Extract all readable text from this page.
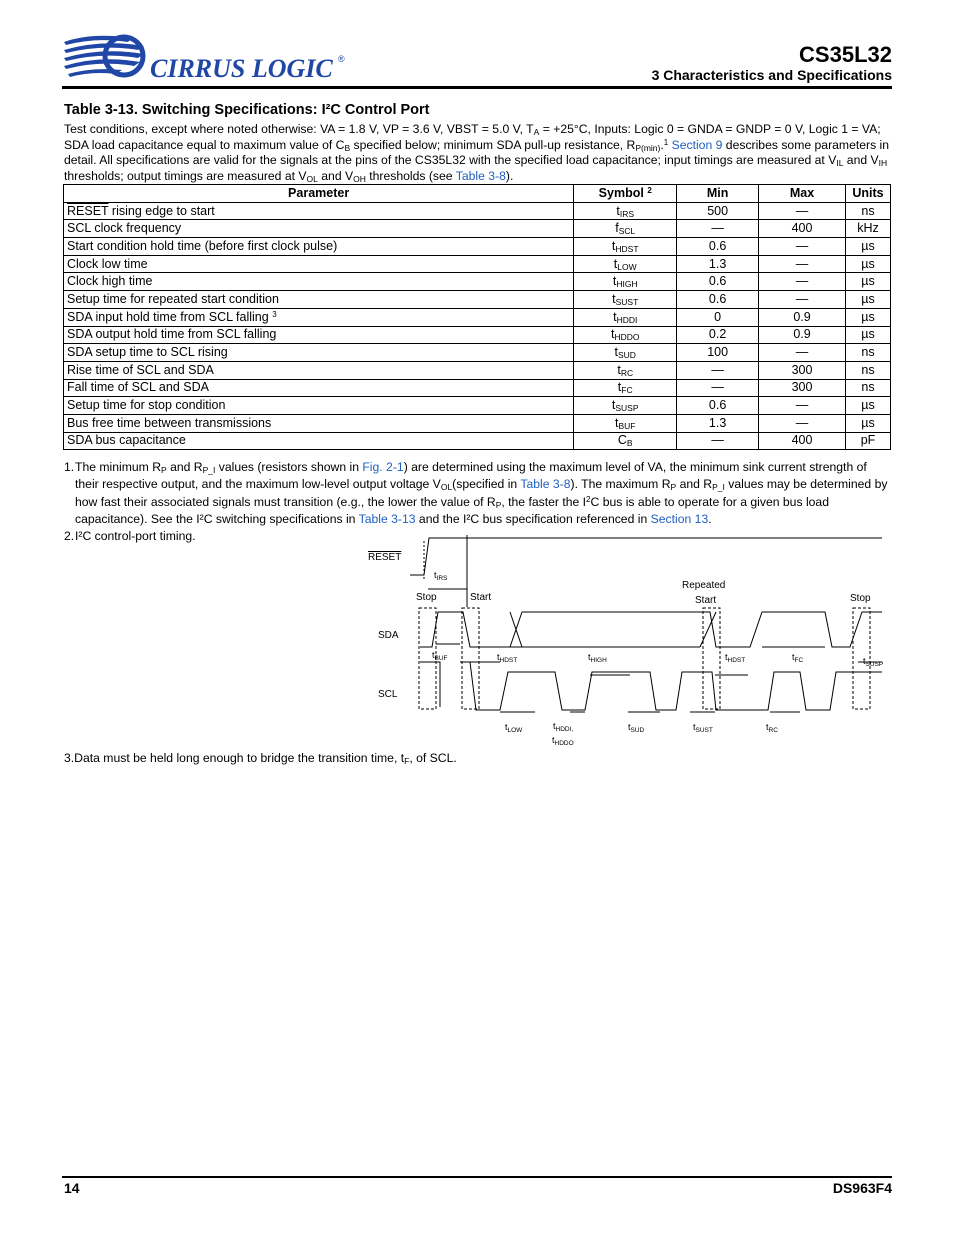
CIRRUS LOGIC ®	CS35L32
3 Characteristics and Specifications
Table 3-13. Switching Specifications: I²C Control Port
Test conditions, except where noted otherwise: VA = 1.8 V, VP = 3.6 V, VBST = 5.0 V, $T_A = +25^\circ C$, Inputs: Logic 0 = GNDA = GNDP = 0 V, Logic 1 = VA; SDA load capacitance equal to maximum value of $C_B$ specified below; minimum SDA pull-up resistance, $R_{P(min)}.^1$ Section 9 describes some parameters in detail. All specifications are valid for the signals at the pins of the CS35L32 with the specified load capacitance; input timings are measured at $V_{IL}$ and $V_{IH}$ thresholds; output timings are measured at $V_{OL}$ and $V_{OH}$ thresholds (see Table 3-8).
Parameter	Symbol $^2$	Min	Max	Units
RESET rising edge to start	$t_{IRS}$	500	—	ns
SCL clock frequency	$f_{SCL}$	—	400	kHz
Start condition hold time (before first clock pulse)	$t_{HDST}$	0.6	—	µs
Clock low time	$t_{LOW}$	1.3	—	µs
Clock high time	$t_{HIGH}$	0.6	—	µs
Setup time for repeated start condition	$t_{SUST}$	0.6	—	µs
SDA input hold time from SCL falling $^3$	$t_{HDDI}$	0	0.9	µs
SDA output hold time from SCL falling	$t_{HDDO}$	0.2	0.9	µs
SDA setup time to SCL rising	$t_{SUD}$	100	—	ns
Rise time of SCL and SDA	$t_{RC}$	—	300	ns
Fall time of SCL and SDA	$t_{FC}$	—	300	ns
Setup time for stop condition	$t_{SUSP}$	0.6	—	µs
Bus free time between transmissions	$t_{BUF}$	1.3	—	µs
SDA bus capacitance	$C_B$	—	400	pF
1. The minimum $R_P$ and $R_{P\_I}$ values (resistors shown in Fig. 2-1) are determined using the maximum level of VA, the minimum sink current strength of their respective output, and the maximum low-level output voltage $V_{OL}(specified$ in Table 3-8). The maximum $R_P$ and $R_{P\_I}$ values may be determined by how fast their associated signals must transition (e.g., the lower the value of $R_P$, the faster the $I^2C$ bus is able to operate for a given bus load capacitance). See the I²C switching specifications in Table 3-13 and the I²C bus specification referenced in Section 13.
2. I²C control-port timing.
RESET
SDA
SCL
Stop	Start
Repeated
Start	Stop
$t_{IRS}$
$t_{BUF}$	$t_{HDST}$	$t_{HIGH}$	$t_{HDST}$	$t_{FC}$	$t_{SUSP}$
$t_{LOW}$	$t_{HDDI,}$
$t_{HDDO}$
$t_{SUD}$	$t_{SUST}$	$t_{RC}$
3.Data must be held long enough to bridge the transition time, $t_F$, of SCL.
14	DS963F4
